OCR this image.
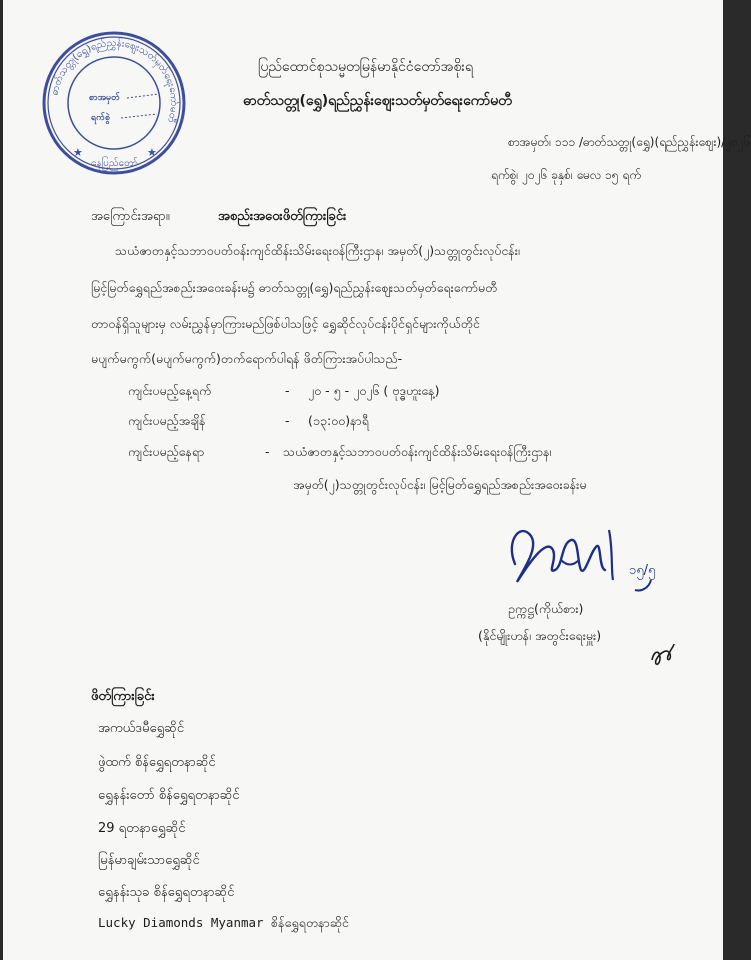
ဓာတ်သတ္တု(ရွှေ)ရည်ညွှန်းဈေးသတ်မှတ်ရေးကော်မတီ
စာအမှတ်
ရက်စွဲ
နေပြည်တော်
★	★
ပြည်ထောင်စုသမ္မတမြန်မာနိုင်ငံတော်အစိုးရ
ဓာတ်သတ္တု(ရွှေ)ရည်ညွှန်းဈေးသတ်မှတ်ရေးကော်မတီ
စာအမှတ်၊ ၁၁၁ /ဓာတ်သတ္တု(ရွှေ)(ရည်ညွှန်းဈေး)/၂၀၂၆
ရက်စွဲ၊ ၂၀၂၆ ခုနှစ်၊ မေလ ၁၅ ရက်
အကြောင်းအရာ။	အစည်းအဝေးဖိတ်ကြားခြင်း
သယံဇာတနှင့်သဘာဝပတ်ဝန်းကျင်ထိန်းသိမ်းရေးဝန်ကြီးဌာန၊ အမှတ်(၂)သတ္တုတွင်းလုပ်ငန်း၊
မြင့်မြတ်ရွှေရည်အစည်းအဝေးခန်းမ၌ ဓာတ်သတ္တု(ရွှေ)ရည်ညွှန်းဈေးသတ်မှတ်ရေးကော်မတီ
တာဝန်ရှိသူများမှ လမ်းညွှန်မှာကြားမည်ဖြစ်ပါသဖြင့် ရွှေဆိုင်လုပ်ငန်းပိုင်ရှင်များကိုယ်တိုင်
မပျက်မကွက်(မပျက်မကွက်)တက်ရောက်ပါရန် ဖိတ်ကြားအပ်ပါသည်-
ကျင်းပမည့်နေ့ရက်	- ၂၀ - ၅ - ၂၀၂၆ ( ဗုဒ္ဓဟူးနေ့)
ကျင်းပမည့်အချိန်	- (၁၃:၀၀)နာရီ
ကျင်းပမည့်နေရာ	- သယံဇာတနှင့်သဘာဝပတ်ဝန်းကျင်ထိန်းသိမ်းရေးဝန်ကြီးဌာန၊
အမှတ်(၂)သတ္တုတွင်းလုပ်ငန်း၊ မြင့်မြတ်ရွှေရည်အစည်းအဝေးခန်းမ
၁၅/၅
ဥက္ကဋ္ဌ(ကိုယ်စား)
(နိုင်မျိုးဟန်၊ အတွင်းရေးမှူး)
ဖိတ်ကြားခြင်း
အကယ်ဒမီရွှေဆိုင်
ဖွဲထက် စိန်ရွှေရတနာဆိုင်
ရွှေနန်းတော် စိန်ရွှေရတနာဆိုင်
29 ရတနာရွှေဆိုင်
မြန်မာချမ်းသာရွှေဆိုင်
ရွှေနန်းသုခ စိန်ရွှေရတနာဆိုင်
Lucky Diamonds Myanmar စိန်ရွှေရတနာဆိုင်
